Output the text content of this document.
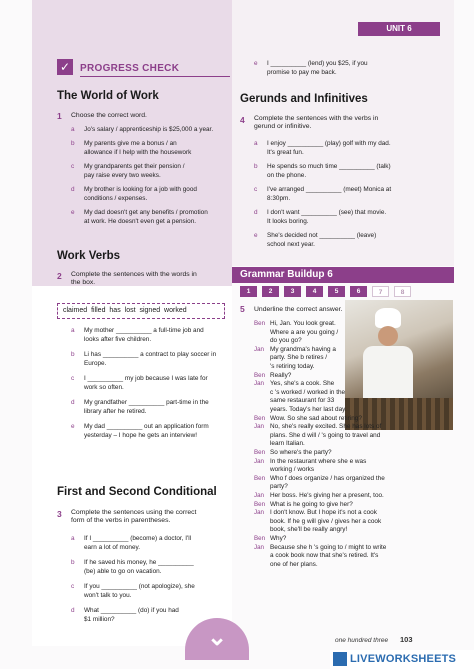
UNIT 6
✓ PROGRESS CHECK
The World of Work
1 Choose the correct word.
a Jo's salary / apprenticeship is $25,000 a year.
b My parents give me a bonus / an
allowance if I help with the housework
c My grandparents get their pension /
pay raise every two weeks.
d My brother is looking for a job with good
conditions / expenses.
e My dad doesn't get any benefits / promotion
at work. He doesn't even get a pension.
Work Verbs
2 Complete the sentences with the words in
the box.
claimed filled has lost signed worked
a My mother __________ a full-time job and
looks after five children.
b Li has __________ a contract to play soccer in
Europe.
c I __________ my job because I was late for
work so often.
d My grandfather __________ part-time in the
library after he retired.
e My dad __________ out an application form
yesterday – I hope he gets an interview!
First and Second Conditional
3 Complete the sentences using the correct
form of the verbs in parentheses.
a If I __________ (become) a doctor, I'll
earn a lot of money.
b If he saved his money, he __________
(be) able to go on vacation.
c If you __________ (not apologize), she
won't talk to you.
d What __________ (do) if you had
$1 million?
e I __________ (lend) you $25, if you
promise to pay me back.
Gerunds and Infinitives
4 Complete the sentences with the verbs in
gerund or infinitive.
a I enjoy __________ (play) golf with my dad.
It's great fun.
b He spends so much time __________ (talk)
on the phone.
c I've arranged __________ (meet) Monica at
8:30pm.
d I don't want __________ (see) that movie.
It looks boring.
e She's decided not __________ (leave)
school next year.
Grammar Buildup 6
1	2	3	4	5	6	7	8
5 Underline the correct answer.
Ben Hi, Jan. You look great.
Where a are you going /
do you go?
Jan My grandma's having a
party. She b retires /
's retiring today.
Ben Really?
Jan Yes, she's a cook. She
c 's worked / worked in the
same restaurant for 33
years. Today's her last day.
Ben Wow. So she sad about retiring?
Jan No, she's really excited. She has lots of
plans. She d will / 's going to travel and
learn Italian.
Ben So where's the party?
Jan In the restaurant where she e was
working / works
Ben Who f does organize / has organized the
party?
Jan Her boss. He's giving her a present, too.
Ben What is he going to give her?
Jan I don't know. But I hope it's not a cook
book. If he g will give / gives her a cook
book, she'll be really angry!
Ben Why?
Jan Because she h 's going to / might to write
a cook book now that she's retired. It's
one of her plans.
⌄	one hundred three 103
LIVEWORKSHEETS
